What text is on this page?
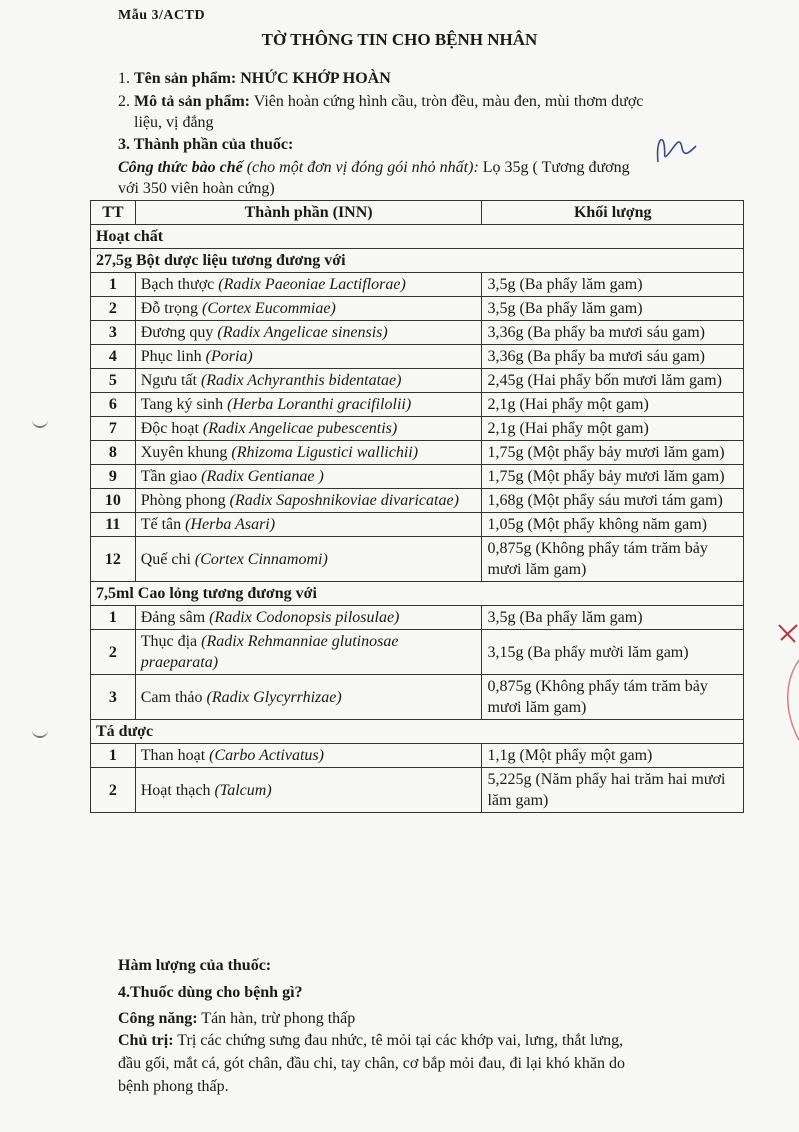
Mẫu 3/ACTD
TỜ THÔNG TIN CHO BỆNH NHÂN
1. Tên sản phẩm: NHỨC KHỚP HOÀN
2. Mô tả sản phẩm: Viên hoàn cứng hình cầu, tròn đều, màu đen, mùi thơm dược
liệu, vị đắng
3. Thành phần của thuốc:
Công thức bào chế (cho một đơn vị đóng gói nhỏ nhất): Lọ 35g ( Tương đương
với 350 viên hoàn cứng)
TT	Thành phần (INN)	Khối lượng
Hoạt chất		
27,5g Bột dược liệu tương đương với		
1	Bạch thược (Radix Paeoniae Lactiflorae)	3,5g (Ba phẩy lăm gam)
2	Đỗ trọng (Cortex Eucommiae)	3,5g (Ba phẩy lăm gam)
3	Đương quy (Radix Angelicae sinensis)	3,36g (Ba phẩy ba mươi sáu gam)
4	Phục linh (Poria)	3,36g (Ba phẩy ba mươi sáu gam)
5	Ngưu tất (Radix Achyranthis bidentatae)	2,45g (Hai phẩy bốn mươi lăm gam)
6	Tang ký sinh (Herba Loranthi gracifilolii)	2,1g (Hai phẩy một gam)
7	Độc hoạt (Radix Angelicae pubescentis)	2,1g (Hai phẩy một gam)
8	Xuyên khung (Rhizoma Ligustici wallichii)	1,75g (Một phẩy bảy mươi lăm gam)
9	Tần giao (Radix Gentianae )	1,75g (Một phẩy bảy mươi lăm gam)
10	Phòng phong (Radix Saposhnikoviae divaricatae)	1,68g (Một phẩy sáu mươi tám gam)
11	Tế tân (Herba Asari)	1,05g (Một phẩy không năm gam)
12	Quế chi (Cortex Cinnamomi)	0,875g (Không phẩy tám trăm bảy mươi lăm gam)
7,5ml Cao lỏng tương đương với		
1	Đảng sâm (Radix Codonopsis pilosulae)	3,5g (Ba phẩy lăm gam)
2	Thục địa (Radix Rehmanniae glutinosae praeparata)	3,15g (Ba phẩy mười lăm gam)
3	Cam thảo (Radix Glycyrrhizae)	0,875g (Không phẩy tám trăm bảy mươi lăm gam)
Tá dược		
1	Than hoạt (Carbo Activatus)	1,1g (Một phẩy một gam)
2	Hoạt thạch (Talcum)	5,225g (Năm phẩy hai trăm hai mươi lăm gam)
Hàm lượng của thuốc:
4.Thuốc dùng cho bệnh gì?
Công năng: Tán hàn, trừ phong thấp
Chủ trị: Trị các chứng sưng đau nhức, tê mỏi tại các khớp vai, lưng, thắt lưng,
đầu gối, mắt cá, gót chân, đầu chi, tay chân, cơ bắp mỏi đau, đi lại khó khăn do
bệnh phong thấp.
